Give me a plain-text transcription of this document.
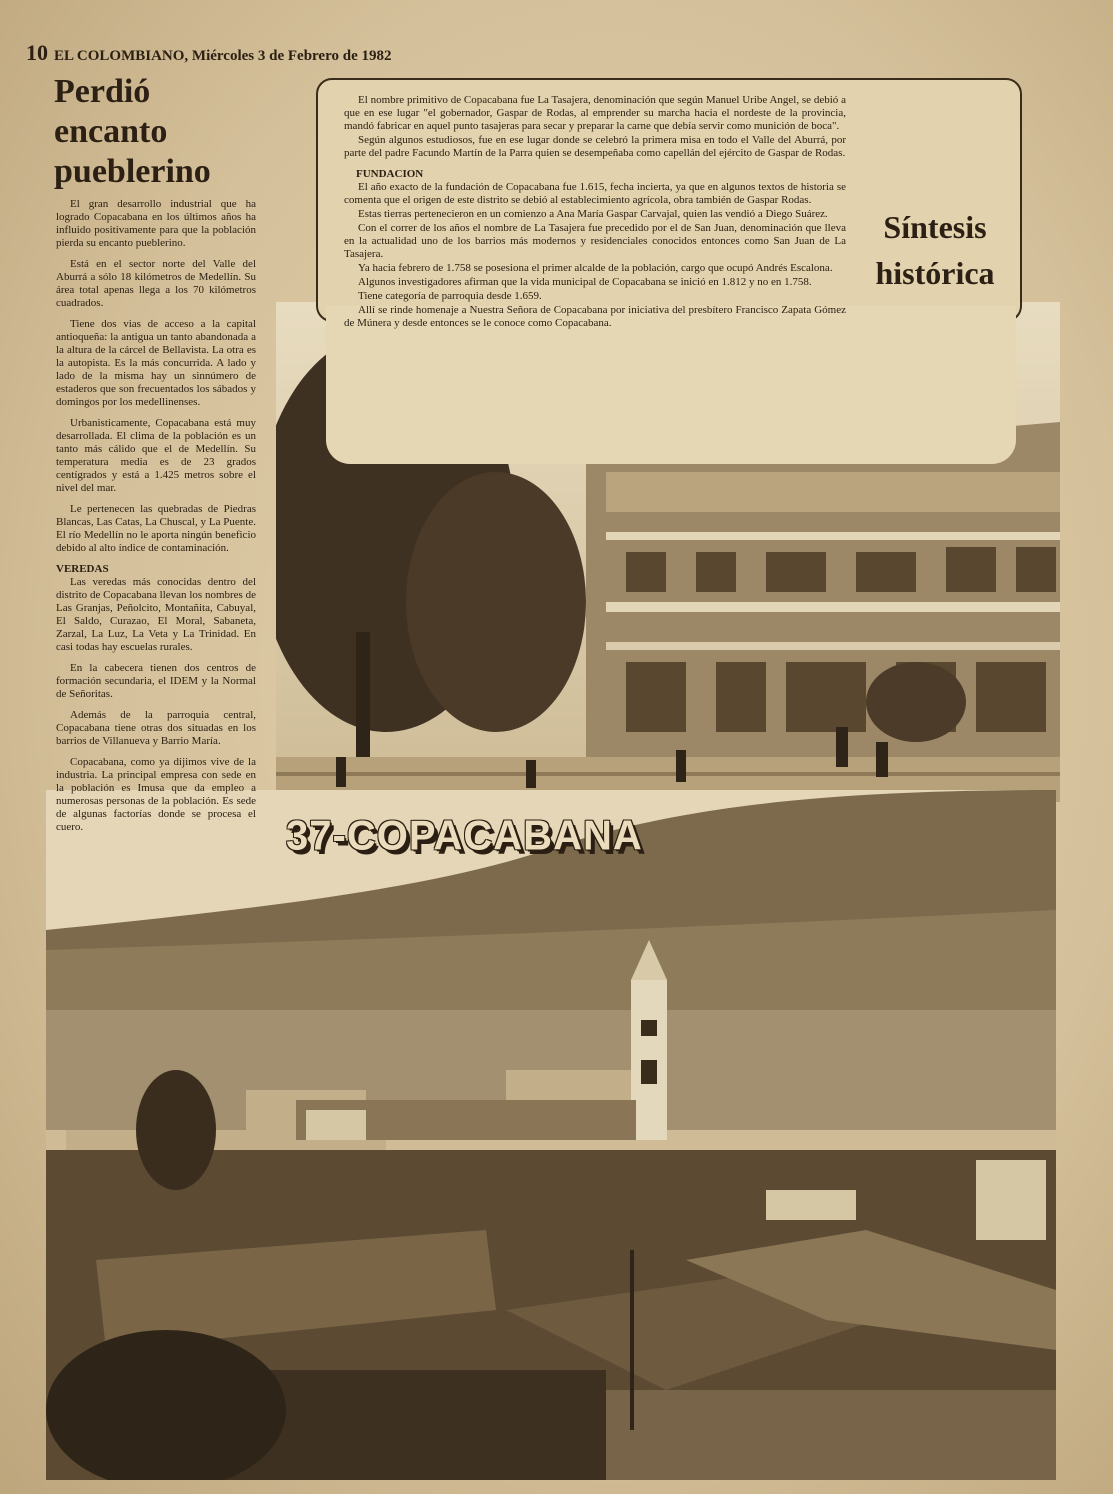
10 EL COLOMBIANO, Miércoles 3 de Febrero de 1982
Perdió
encanto
pueblerino

El gran desarrollo industrial que ha logrado Copacabana en los últimos años ha influido positivamente para que la población pierda su encanto pueblerino.

Está en el sector norte del Valle del Aburrá a sólo 18 kilómetros de Medellín. Su área total apenas llega a los 70 kilómetros cuadrados.

Tiene dos vias de acceso a la capital antioqueña: la antigua un tanto abandonada a la altura de la cárcel de Bellavista. La otra es la autopista. Es la más concurrida. A lado y lado de la misma hay un sinnúmero de estaderos que son frecuentados los sábados y domingos por los medellinenses.

Urbanisticamente, Copacabana está muy desarrollada. El clima de la población es un tanto más cálido que el de Medellín. Su temperatura media es de 23 grados centígrados y está a 1.425 metros sobre el nivel del mar.

Le pertenecen las quebradas de Piedras Blancas, Las Catas, La Chuscal, y La Puente. El río Medellín no le aporta ningún beneficio debido al alto índice de contaminación.

VEREDAS

Las veredas más conocidas dentro del distrito de Copacabana llevan los nombres de Las Granjas, Peñolcito, Montañita, Cabuyal, El Saldo, Curazao, El Moral, Sabaneta, Zarzal, La Luz, La Veta y La Trinidad. En casi todas hay escuelas rurales.

En la cabecera tienen dos centros de formación secundaria, el IDEM y la Normal de Señoritas.

Además de la parroquia central, Copacabana tiene otras dos situadas en los barrios de Villanueva y Barrio María.

Copacabana, como ya dijimos vive de la industria. La principal empresa con sede en la población es Imusa que da empleo a numerosas personas de la población. Es sede de algunas factorías donde se procesa el cuero.

El nombre primitivo de Copacabana fue La Tasajera, denominación que según Manuel Uribe Angel, se debió a que en ese lugar "el gobernador, Gaspar de Rodas, al emprender su marcha hacia el nordeste de la provincia, mandó fabricar en aquel punto tasajeras para secar y preparar la carne que debía servir como munición de boca".

Según algunos estudiosos, fue en ese lugar donde se celebró la primera misa en todo el Valle del Aburrá, por parte del padre Facundo Martín de la Parra quien se desempeñaba como capellán del ejército de Gaspar de Rodas.

FUNDACION

El año exacto de la fundación de Copacabana fue 1.615, fecha incierta, ya que en algunos textos de historia se comenta que el origen de este distrito se debió al establecimiento agrícola, obra también de Gaspar Rodas.

Estas tierras pertenecieron en un comienzo a Ana María Gaspar Carvajal, quien las vendió a Diego Suárez.

Con el correr de los años el nombre de La Tasajera fue precedido por el de San Juan, denominación que lleva en la actualidad uno de los barrios más modernos y residenciales conocidos entonces como San Juan de La Tasajera.

Ya hacia febrero de 1.758 se posesiona el primer alcalde de la población, cargo que ocupó Andrés Escalona.

Algunos investigadores afirman que la vida municipal de Copacabana se inició en 1.812 y no en 1.758.

Tiene categoría de parroquia desde 1.659.

Allí se rinde homenaje a Nuestra Señora de Copacabana por iniciativa del presbítero Francisco Zapata Gómez de Múnera y desde entonces se le conoce como Copacabana.

Síntesis
histórica
37-COPACABANA
